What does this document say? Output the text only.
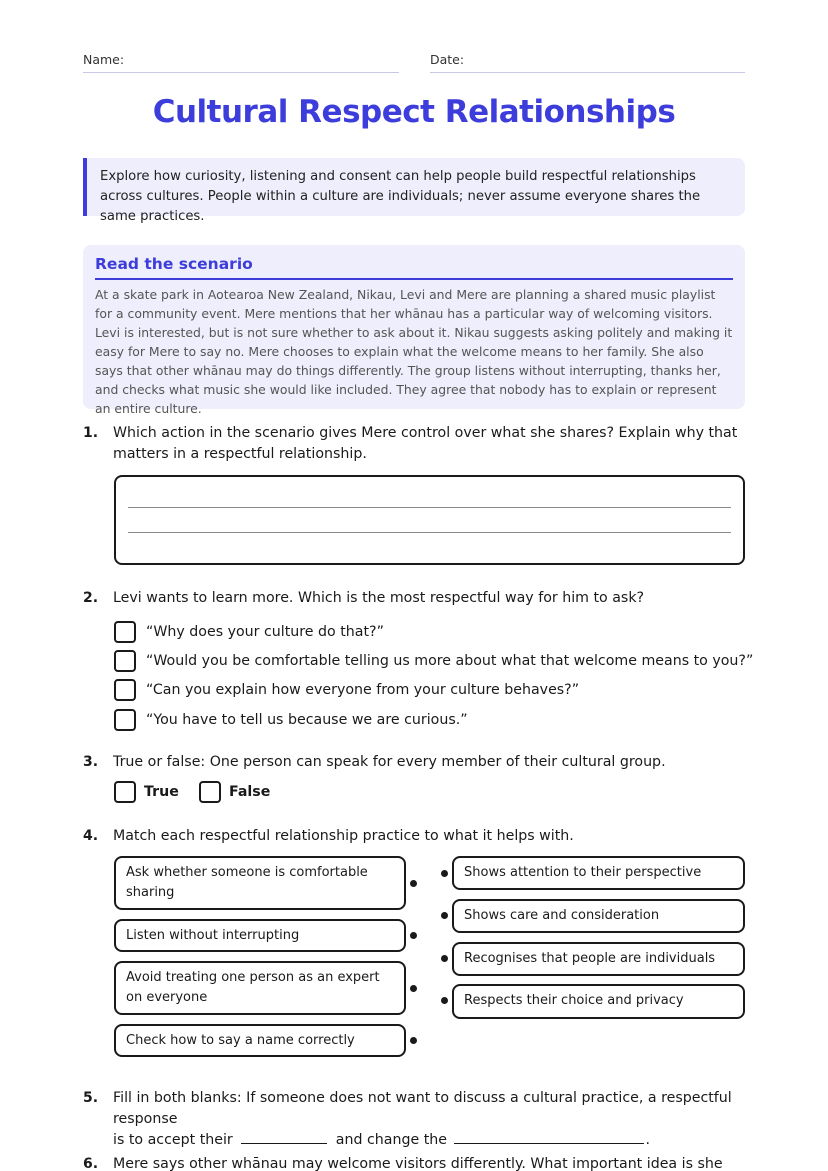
Name:	Date:
Cultural Respect Relationships
Explore how curiosity, listening and consent can help people build respectful relationships across cultures. People within a culture are individuals; never assume everyone shares the same practices.
Read the scenario

At a skate park in Aotearoa New Zealand, Nikau, Levi and Mere are planning a shared music playlist for a community event. Mere mentions that her whānau has a particular way of welcoming visitors. Levi is interested, but is not sure whether to ask about it. Nikau suggests asking politely and making it easy for Mere to say no. Mere chooses to explain what the welcome means to her family. She also says that other whānau may do things differently. The group listens without interrupting, thanks her, and checks what music she would like included. They agree that nobody has to explain or represent an entire culture.

1. Which action in the scenario gives Mere control over what she shares? Explain why that matters in a respectful relationship.
2. Levi wants to learn more. Which is the most respectful way for him to ask?
“Why does your culture do that?”
“Would you be comfortable telling us more about what that welcome means to you?”
“Can you explain how everyone from your culture behaves?”
“You have to tell us because we are curious.”
3. True or false: One person can speak for every member of their cultural group.
True	False
4. Match each respectful relationship practice to what it helps with.
Ask whether someone is comfortable sharing
Listen without interrupting
Avoid treating one person as an expert on everyone
Check how to say a name correctly
Shows attention to their perspective
Shows care and consideration
Recognises that people are individuals
Respects their choice and privacy
5. Fill in both blanks: If someone does not want to discuss a cultural practice, a respectful response
is to accept their	and change the	.
6. Mere says other whānau may welcome visitors differently. What important idea is she
